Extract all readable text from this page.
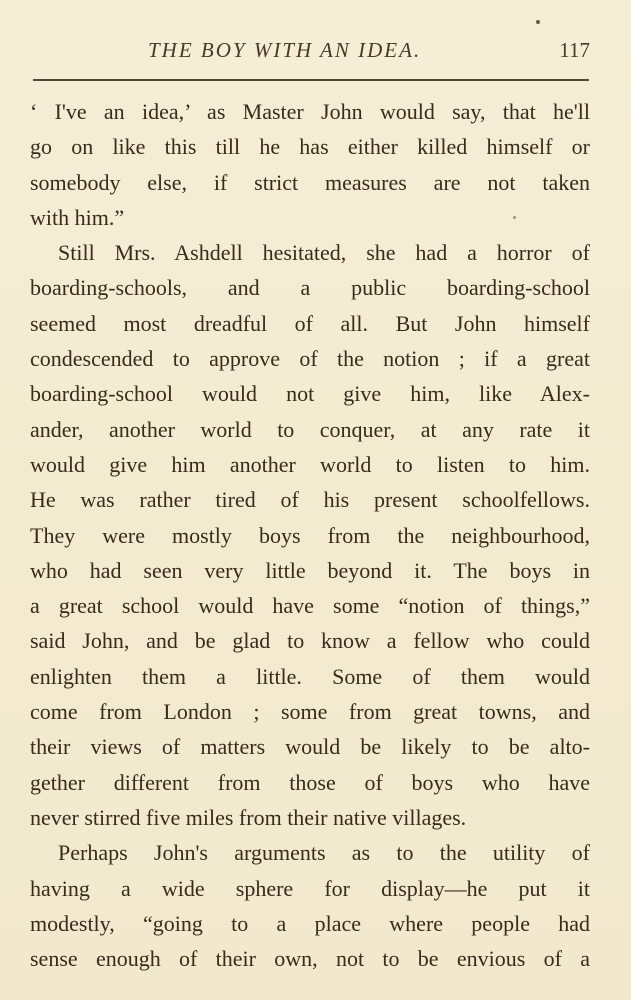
THE BOY WITH AN IDEA.	117
‘ I've an idea,’ as Master John would say, that he'll
go on like this till he has either killed himself or
somebody else, if strict measures are not taken
with him.”
Still Mrs. Ashdell hesitated, she had a horror of
boarding-schools, and a public boarding-school
seemed most dreadful of all. But John himself
condescended to approve of the notion ; if a great
boarding-school would not give him, like Alex-
ander, another world to conquer, at any rate it
would give him another world to listen to him.
He was rather tired of his present schoolfellows.
They were mostly boys from the neighbourhood,
who had seen very little beyond it. The boys in
a great school would have some “notion of things,”
said John, and be glad to know a fellow who could
enlighten them a little. Some of them would
come from London ; some from great towns, and
their views of matters would be likely to be alto-
gether different from those of boys who have
never stirred five miles from their native villages.
Perhaps John's arguments as to the utility of
having a wide sphere for display—he put it
modestly, “going to a place where people had
sense enough of their own, not to be envious of a
